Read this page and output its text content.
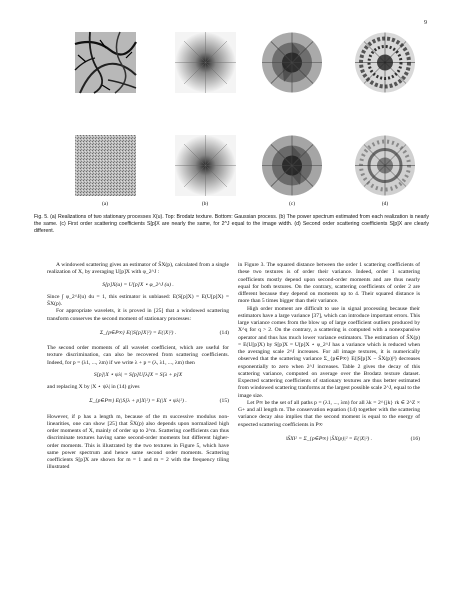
9
(a)	(b)	(c)	(d)

Fig. 5. (a) Realizations of two stationary processes X(u). Top: Brodatz texture. Bottom: Gaussian process. (b) The power spectrum estimated from each realization is nearly the same. (c) First order scattering coefficients S[p]X are nearly the same, for 2^J equal to the image width. (d) Second order scattering coefficients S[p]X are clearly different.

A windowed scattering gives an estimator of S̄X(p), calculated from a single realization of X, by averaging U[p]X with φ_2^J :

S[p]X(u) = U[p]X ⋆ φ_2^J (u) .

Since ∫ φ_2^J(u) du = 1, this estimator is unbiased: E(S[p]X) = E(U[p]X) = S̄X(p).

For appropriate wavelets, it is proved in [25] that a windowed scattering transform conserves the second moment of stationary processes:

Σ_{p∈P∞} E(|S[p]X|²) = E(|X|²) .	(14)

The second order moments of all wavelet coefficient, which are useful for texture discrimination, can also be recovered from scattering coefficients. Indeed, for p = (λ1, ..., λm) if we write λ + p = (λ, λ1, ..., λm) then

S[p]|X ⋆ ψλ| = S[p]U[λ]X = S[λ + p]X

and replacing X by |X ⋆ ψλ| in (14) gives

Σ_{p∈P∞} E(|S[λ + p]X|²) = E(|X ⋆ ψλ|²) .	(15)

However, if p has a length m, because of the m successive modulus non-linearities, one can show [25] that S̄X(p) also depends upon normalized high order moments of X, mainly of order up to 2^m. Scattering coefficients can thus discriminate textures having same second-order moments but different higher-order moments. This is illustrated by the two textures in Figure 5, which have same power spectrum and hence same second order moments. Scattering coefficients S[p]X are shown for m = 1 and m = 2 with the frequency tiling illustrated

in Figure 3. The squared distance between the order 1 scattering coefficients of these two textures is of order their variance. Indeed, order 1 scattering coefficients mostly depend upon second-order moments and are thus nearly equal for both textures. On the contrary, scattering coefficients of order 2 are different because they depend on moments up to 4. Their squared distance is more than 5 times bigger than their variance.

High order moment are difficult to use in signal processing because their estimators have a large variance [37], which can introduce important errors. This large variance comes from the blow up of large coefficient outliers produced by X^q for q > 2. On the contrary, a scattering is computed with a nonexpansive operator and thus has much lower variance estimators. The estimation of S̄X(p) = E(U[p]X) by S[p]X = U[p]X ⋆ φ_2^J has a variance which is reduced when the averaging scale 2^J increases. For all image textures, it is numerically observed that the scattering variance Σ_{p∈P∞} E(|S[p]X − S̄X(p)|²) decreases exponentially to zero when 2^J increases. Table 2 gives the decay of this scattering variance, computed on average over the Brodatz texture dataset. Expected scattering coefficients of stationary textures are thus better estimated from windowed scattering tranforms at the largest possible scale 2^J, equal to the image size.

Let P∞ be the set of all paths p = (λ1, ..., λm) for all λk = 2^{jk} rk ∈ 2^Z × G+ and all length m. The conservation equation (14) together with the scattering variance decay also implies that the second moment is equal to the energy of expected scattering coefficients in P∞

‖S̄X‖² = Σ_{p∈P∞} |S̄X(p)|² = E(|X|²) .	(16)
